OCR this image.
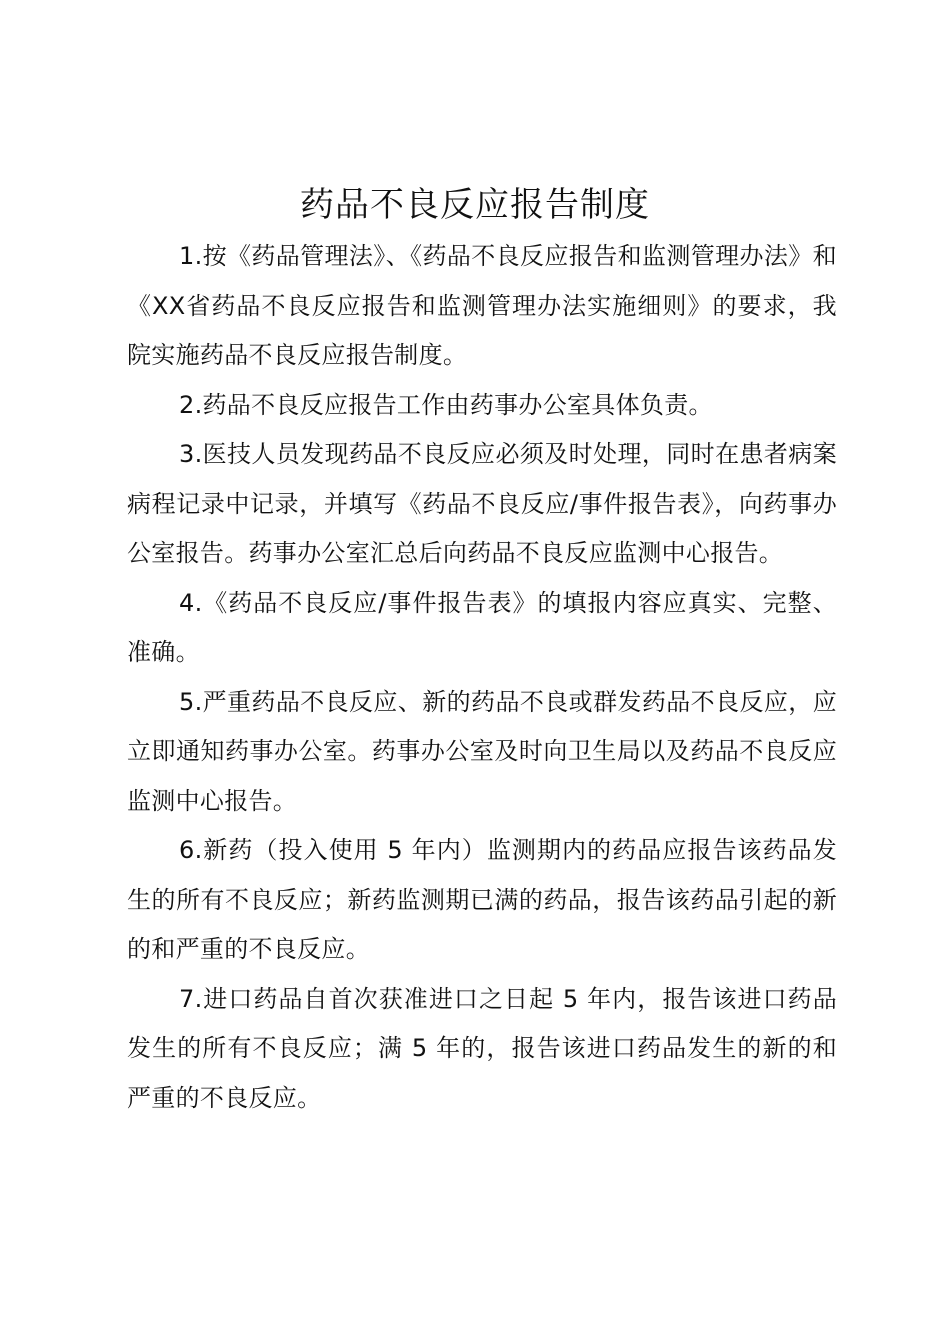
药品不良反应报告制度

1.按《药品管理法》、《药品不良反应报告和监测管理办法》和《XX省药品不良反应报告和监测管理办法实施细则》的要求，我院实施药品不良反应报告制度。

2.药品不良反应报告工作由药事办公室具体负责。

3.医技人员发现药品不良反应必须及时处理，同时在患者病案病程记录中记录，并填写《药品不良反应/事件报告表》，向药事办公室报告。药事办公室汇总后向药品不良反应监测中心报告。

4.《药品不良反应/事件报告表》的填报内容应真实、完整、准确。

5.严重药品不良反应、新的药品不良或群发药品不良反应，应立即通知药事办公室。药事办公室及时向卫生局以及药品不良反应监测中心报告。

6.新药（投入使用 5 年内）监测期内的药品应报告该药品发生的所有不良反应；新药监测期已满的药品，报告该药品引起的新的和严重的不良反应。

7.进口药品自首次获准进口之日起 5 年内，报告该进口药品发生的所有不良反应；满 5 年的，报告该进口药品发生的新的和严重的不良反应。
